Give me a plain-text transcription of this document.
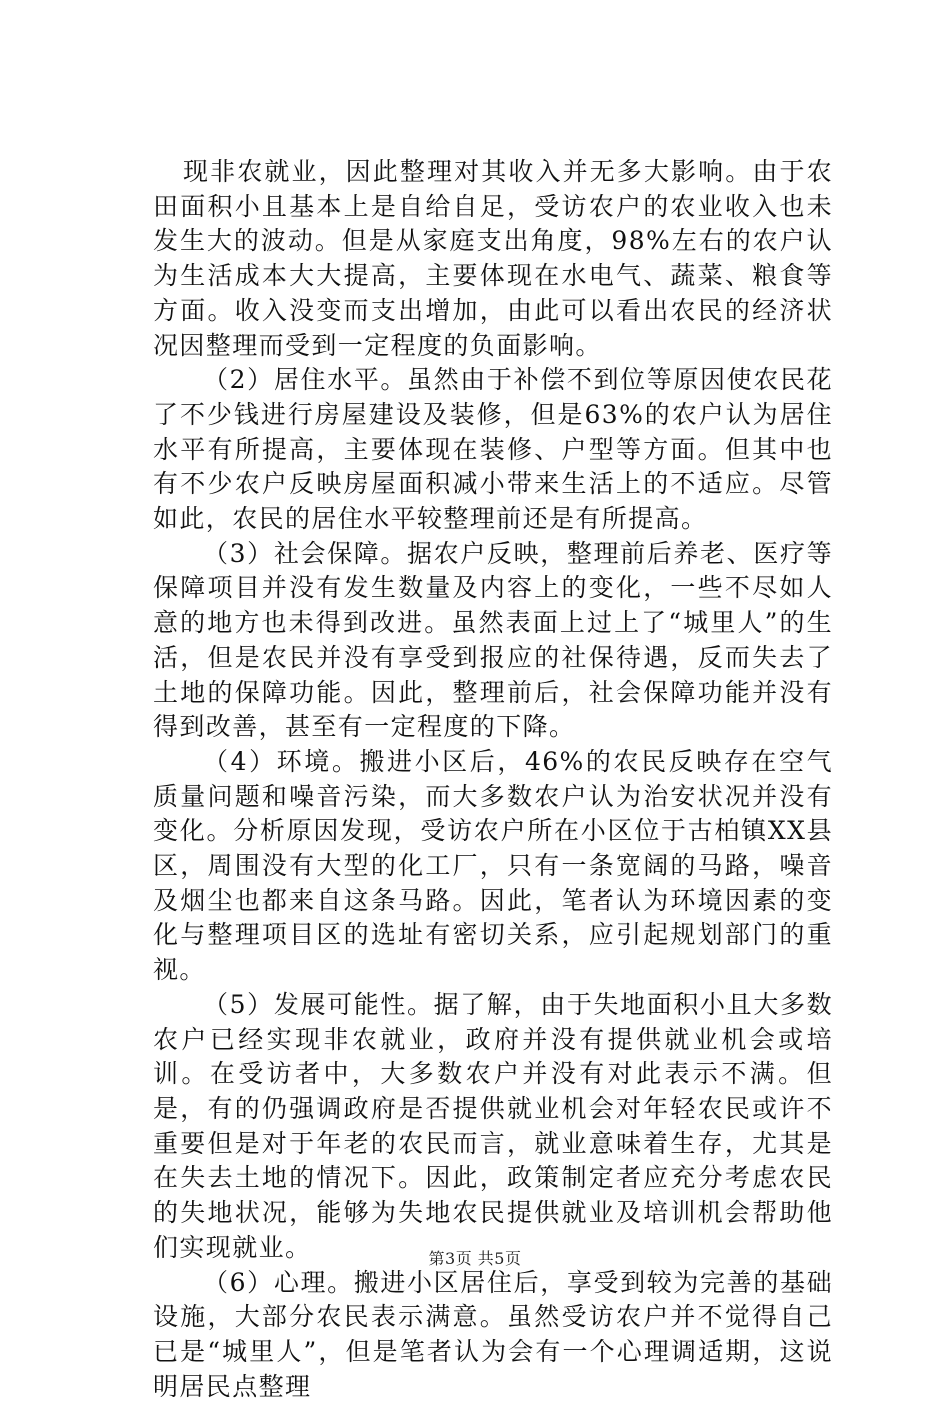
现非农就业，因此整理对其收入并无多大影响。由于农田面积小且基本上是自给自足，受访农户的农业收入也未发生大的波动。但是从家庭支出角度，98%左右的农户认为生活成本大大提高，主要体现在水电气、蔬菜、粮食等方面。收入没变而支出增加，由此可以看出农民的经济状况因整理而受到一定程度的负面影响。

（2）居住水平。虽然由于补偿不到位等原因使农民花了不少钱进行房屋建设及装修，但是63%的农户认为居住水平有所提高，主要体现在装修、户型等方面。但其中也有不少农户反映房屋面积减小带来生活上的不适应。尽管如此，农民的居住水平较整理前还是有所提高。

（3）社会保障。据农户反映，整理前后养老、医疗等保障项目并没有发生数量及内容上的变化，一些不尽如人意的地方也未得到改进。虽然表面上过上了“城里人”的生活，但是农民并没有享受到报应的社保待遇，反而失去了土地的保障功能。因此，整理前后，社会保障功能并没有得到改善，甚至有一定程度的下降。

（4）环境。搬进小区后，46%的农民反映存在空气质量问题和噪音污染，而大多数农户认为治安状况并没有变化。分析原因发现，受访农户所在小区位于古柏镇XX县区，周围没有大型的化工厂，只有一条宽阔的马路，噪音及烟尘也都来自这条马路。因此，笔者认为环境因素的变化与整理项目区的选址有密切关系，应引起规划部门的重视。

（5）发展可能性。据了解，由于失地面积小且大多数农户已经实现非农就业，政府并没有提供就业机会或培训。在受访者中，大多数农户并没有对此表示不满。但是，有的仍强调政府是否提供就业机会对年轻农民或许不重要但是对于年老的农民而言，就业意味着生存，尤其是在失去土地的情况下。因此，政策制定者应充分考虑农民的失地状况，能够为失地农民提供就业及培训机会帮助他们实现就业。

（6）心理。搬进小区居住后，享受到较为完善的基础设施，大部分农民表示满意。虽然受访农户并不觉得自己已是“城里人”，但是笔者认为会有一个心理调适期，这说明居民点整理

第3页 共5页
